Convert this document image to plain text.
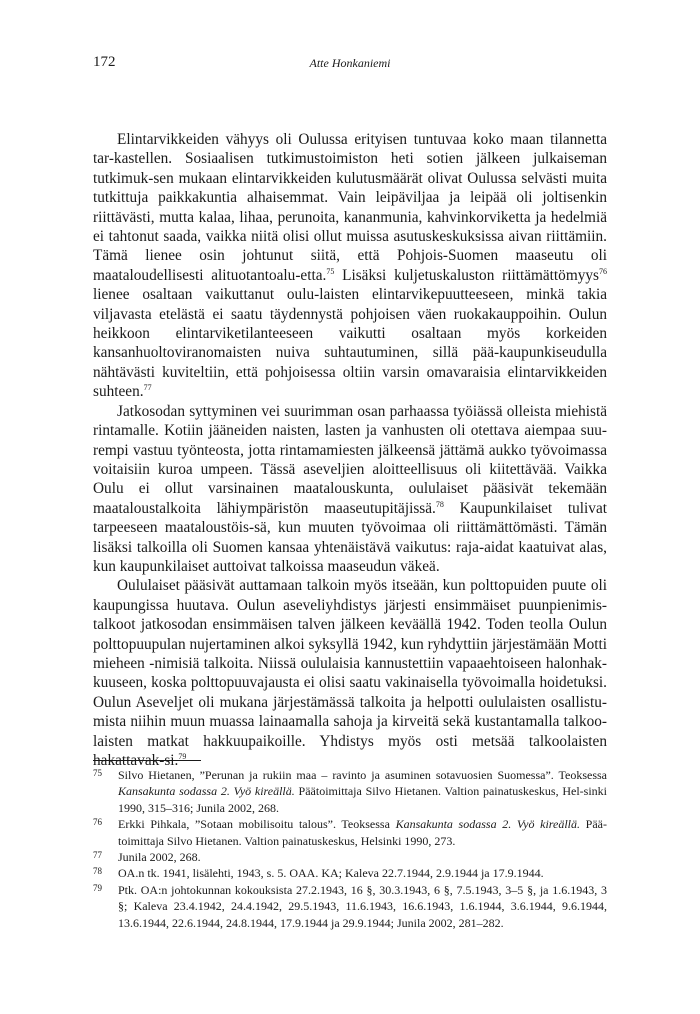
172	Atte Honkaniemi

Elintarvikkeiden vähyys oli Oulussa erityisen tuntuvaa koko maan tilannetta tar-kastellen. Sosiaalisen tutkimustoimiston heti sotien jälkeen julkaiseman tutkimuk-sen mukaan elintarvikkeiden kulutusmäärät olivat Oulussa selvästi muita tutkittuja paikkakuntia alhaisemmat. Vain leipäviljaa ja leipää oli joltisenkin riittävästi, mutta kalaa, lihaa, perunoita, kananmunia, kahvinkorviketta ja hedelmiä ei tahtonut saada, vaikka niitä olisi ollut muissa asutuskeskuksissa aivan riittämiin. Tämä lienee osin johtunut siitä, että Pohjois-Suomen maaseutu oli maataloudellisesti alituotantoalu-etta.$^{75}$ Lisäksi kuljetuskaluston riittämättömyys$^{76}$ lienee osaltaan vaikuttanut oulu-laisten elintarvikepuutteeseen, minkä takia viljavasta etelästä ei saatu täydennystä pohjoisen väen ruokakauppoihin. Oulun heikkoon elintarviketilanteeseen vaikutti osaltaan myös korkeiden kansanhuoltoviranomaisten nuiva suhtautuminen, sillä pää-kaupunkiseudulla nähtävästi kuviteltiin, että pohjoisessa oltiin varsin omavaraisia elintarvikkeiden suhteen.$^{77}$

Jatkosodan syttyminen vei suurimman osan parhaassa työiässä olleista miehistä rintamalle. Kotiin jääneiden naisten, lasten ja vanhusten oli otettava aiempaa suu-rempi vastuu työnteosta, jotta rintamamiesten jälkeensä jättämä aukko työvoimassa voitaisiin kuroa umpeen. Tässä aseveljien aloitteellisuus oli kiitettävää. Vaikka Oulu ei ollut varsinainen maatalouskunta, oululaiset pääsivät tekemään maataloustalkoita lähiympäristön maaseutupitäjissä.$^{78}$ Kaupunkilaiset tulivat tarpeeseen maataloustöis-sä, kun muuten työvoimaa oli riittämättömästi. Tämän lisäksi talkoilla oli Suomen kansaa yhtenäistävä vaikutus: raja-aidat kaatuivat alas, kun kaupunkilaiset auttoivat talkoissa maaseudun väkeä.

Oululaiset pääsivät auttamaan talkoin myös itseään, kun polttopuiden puute oli kaupungissa huutava. Oulun aseveliyhdistys järjesti ensimmäiset puunpienimis-talkoot jatkosodan ensimmäisen talven jälkeen keväällä 1942. Toden teolla Oulun polttopuupulan nujertaminen alkoi syksyllä 1942, kun ryhdyttiin järjestämään Motti mieheen -nimisiä talkoita. Niissä oululaisia kannustettiin vapaaehtoiseen halonhak-kuuseen, koska polttopuuvajausta ei olisi saatu vakinaisella työvoimalla hoidetuksi. Oulun Aseveljet oli mukana järjestämässä talkoita ja helpotti oululaisten osallistu-mista niihin muun muassa lainaamalla sahoja ja kirveitä sekä kustantamalla talkoo-laisten matkat hakkuupaikoille. Yhdistys myös osti metsää talkoolaisten hakattavak-si.$^{79}$

75	Silvo Hietanen, ”Perunan ja rukiin maa – ravinto ja asuminen sotavuosien Suomessa”. Teoksessa Kansakunta sodassa 2. Vyö kireällä. Päätoimittaja Silvo Hietanen. Valtion painatuskeskus, Hel-sinki 1990, 315–316; Junila 2002, 268.
76	Erkki Pihkala, ”Sotaan mobilisoitu talous”. Teoksessa Kansakunta sodassa 2. Vyö kireällä. Pää-toimittaja Silvo Hietanen. Valtion painatuskeskus, Helsinki 1990, 273.
77	Junila 2002, 268.
78	OA.n tk. 1941, lisälehti, 1943, s. 5. OAA. KA; Kaleva 22.7.1944, 2.9.1944 ja 17.9.1944.
79	Ptk. OA:n johtokunnan kokouksista 27.2.1943, 16 §, 30.3.1943, 6 §, 7.5.1943, 3–5 §, ja 1.6.1943, 3 §; Kaleva 23.4.1942, 24.4.1942, 29.5.1943, 11.6.1943, 16.6.1943, 1.6.1944, 3.6.1944, 9.6.1944, 13.6.1944, 22.6.1944, 24.8.1944, 17.9.1944 ja 29.9.1944; Junila 2002, 281–282.
